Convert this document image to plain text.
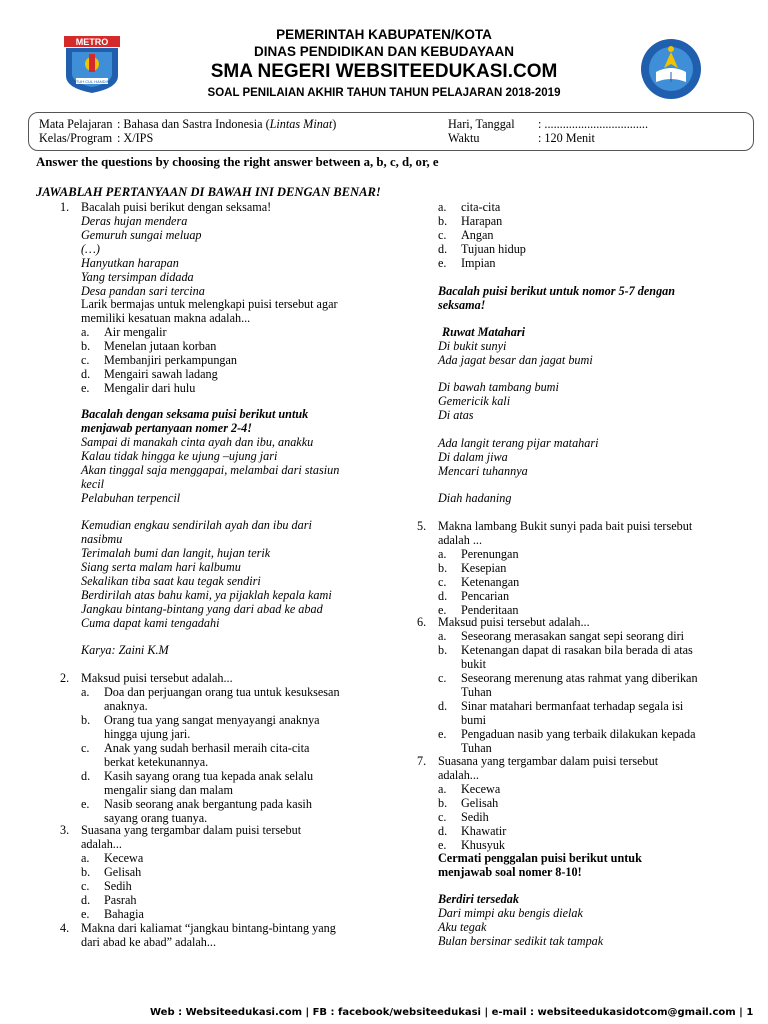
PEMERINTAH KABUPATEN/KOTA
DINAS PENDIDIKAN DAN KEBUDAYAAN
SMA NEGERI WEBSITEEDUKASI.COM
SOAL PENILAIAN AKHIR TAHUN TAHUN PELAJARAN 2018-2019
METRO
LATUH CUL HANDING
Mata Pelajaran : Bahasa dan Sastra Indonesia (Lintas Minat)
Kelas/Program : X/IPS
Hari, Tanggal : ..................................
Waktu	: 120 Menit
Answer the questions by choosing the right answer between a, b, c, d, or, e
JAWABLAH PERTANYAAN DI BAWAH INI DENGAN BENAR!
1. Bacalah puisi berikut dengan seksama!
Deras hujan mendera
Gemuruh sungai meluap
(…)
Hanyutkan harapan
Yang tersimpan didada
Desa pandan sari tercina
Larik bermajas untuk melengkapi puisi tersebut agar
memiliki kesatuan makna adalah...
a. Air mengalir
b. Menelan jutaan korban
c. Membanjiri perkampungan
d. Mengairi sawah ladang
e. Mengalir dari hulu
Bacalah dengan seksama puisi berikut untuk
menjawab pertanyaan nomer 2-4!
Sampai di manakah cinta ayah dan ibu, anakku
Kalau tidak hingga ke ujung –ujung jari
Akan tinggal saja menggapai, melambai dari stasiun
kecil
Pelabuhan terpencil
Kemudian engkau sendirilah ayah dan ibu dari
nasibmu
Terimalah bumi dan langit, hujan terik
Siang serta malam hari kalbumu
Sekalikan tiba saat kau tegak sendiri
Berdirilah atas bahu kami, ya pijaklah kepala kami
Jangkau bintang-bintang yang dari abad ke abad
Cuma dapat kami tengadahi
Karya: Zaini K.M
2. Maksud puisi tersebut adalah...
a. Doa dan perjuangan orang tua untuk kesuksesan
anaknya.
b. Orang tua yang sangat menyayangi anaknya
hingga ujung jari.
c. Anak yang sudah berhasil meraih cita-cita
berkat ketekunannya.
d. Kasih sayang orang tua kepada anak selalu
mengalir siang dan malam
e. Nasib seorang anak bergantung pada kasih
sayang orang tuanya.
3. Suasana yang tergambar dalam puisi tersebut
adalah...
a. Kecewa
b. Gelisah
c. Sedih
d. Pasrah
e. Bahagia
4. Makna dari kaliamat “jangkau bintang-bintang yang
dari abad ke abad” adalah...
a. cita-cita
b. Harapan
c. Angan
d. Tujuan hidup
e. Impian
Bacalah puisi berikut untuk nomor 5-7 dengan
seksama!
Ruwat Matahari
Di bukit sunyi
Ada jagat besar dan jagat bumi
Di bawah tambang bumi
Gemericik kali
Di atas
Ada langit terang pijar matahari
Di dalam jiwa
Mencari tuhannya
Diah hadaning
5. Makna lambang Bukit sunyi pada bait puisi tersebut
adalah ...
a. Perenungan
b. Kesepian
c. Ketenangan
d. Pencarian
e. Penderitaan
6. Maksud puisi tersebut adalah...
a. Seseorang merasakan sangat sepi seorang diri
b. Ketenangan dapat di rasakan bila berada di atas
bukit
c. Seseorang merenung atas rahmat yang diberikan
Tuhan
d. Sinar matahari bermanfaat terhadap segala isi
bumi
e. Pengaduan nasib yang terbaik dilakukan kepada
Tuhan
7. Suasana yang tergambar dalam puisi tersebut
adalah...
a. Kecewa
b. Gelisah
c. Sedih
d. Khawatir
e. Khusyuk
Cermati penggalan puisi berikut untuk
menjawab soal nomer 8-10!
Berdiri tersedak
Dari mimpi aku bengis dielak
Aku tegak
Bulan bersinar sedikit tak tampak
Web : Websiteedukasi.com | FB : facebook/websiteedukasi | e-mail : websiteedukasidotcom@gmail.com | 1
